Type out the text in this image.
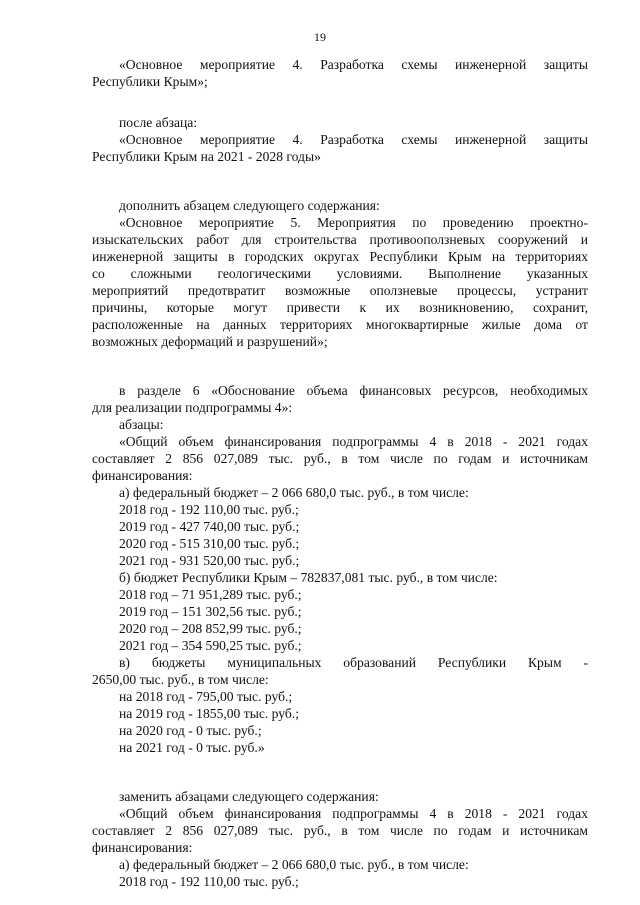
19
«Основное мероприятие 4. Разработка схемы инженерной защиты
Республики Крым»;
после абзаца:
«Основное мероприятие 4. Разработка схемы инженерной защиты
Республики Крым на 2021 - 2028 годы»
дополнить абзацем следующего содержания:
«Основное мероприятие 5. Мероприятия по проведению проектно-
изыскательских работ для строительства противооползневых сооружений и
инженерной защиты в городских округах Республики Крым на территориях
со сложными геологическими условиями. Выполнение указанных
мероприятий предотвратит возможные оползневые процессы, устранит
причины, которые могут привести к их возникновению, сохранит,
расположенные на данных территориях многоквартирные жилые дома от
возможных деформаций и разрушений»;
в разделе 6 «Обоснование объема финансовых ресурсов, необходимых
для реализации подпрограммы 4»:
абзацы:
«Общий объем финансирования подпрограммы 4 в 2018 - 2021 годах
составляет 2 856 027,089 тыс. руб., в том числе по годам и источникам
финансирования:
а) федеральный бюджет – 2 066 680,0 тыс. руб., в том числе:
2018 год - 192 110,00 тыс. руб.;
2019 год - 427 740,00 тыс. руб.;
2020 год - 515 310,00 тыс. руб.;
2021 год - 931 520,00 тыс. руб.;
б) бюджет Республики Крым – 782837,081 тыс. руб., в том числе:
2018 год – 71 951,289 тыс. руб.;
2019 год – 151 302,56 тыс. руб.;
2020 год – 208 852,99 тыс. руб.;
2021 год – 354 590,25 тыс. руб.;
в) бюджеты муниципальных образований Республики Крым -
2650,00 тыс. руб., в том числе:
на 2018 год - 795,00 тыс. руб.;
на 2019 год - 1855,00 тыс. руб.;
на 2020 год - 0 тыс. руб.;
на 2021 год - 0 тыс. руб.»
заменить абзацами следующего содержания:
«Общий объем финансирования подпрограммы 4 в 2018 - 2021 годах
составляет 2 856 027,089 тыс. руб., в том числе по годам и источникам
финансирования:
а) федеральный бюджет – 2 066 680,0 тыс. руб., в том числе:
2018 год - 192 110,00 тыс. руб.;
